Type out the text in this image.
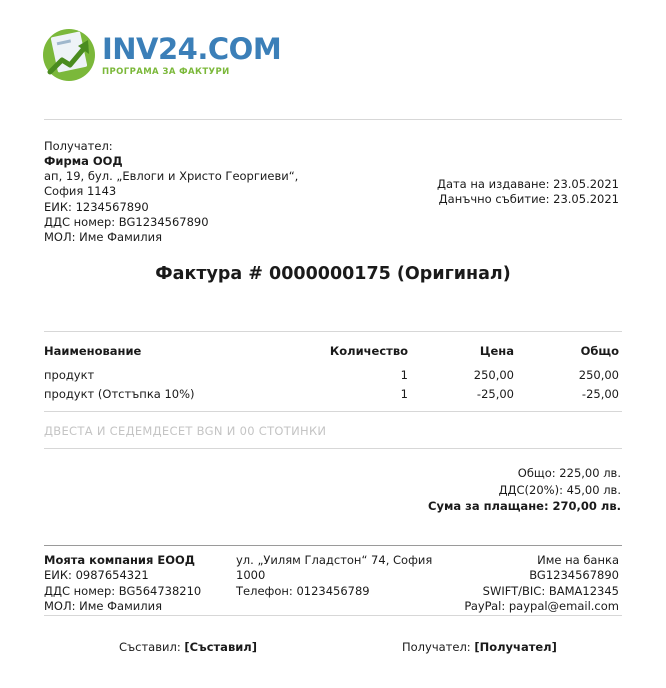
INV24.COM
ПРОГРАМА ЗА ФАКТУРИ
Получател:
Фирма ООД
ап, 19, бул. „Евлоги и Христо Георгиеви“,
София 1143
ЕИК: 1234567890
ДДС номер: BG1234567890
МОЛ: Име Фамилия
Дата на издаване: 23.05.2021
Данъчно събитие: 23.05.2021
Фактура # 0000000175 (Оригинал)
Наименование	Количество	Цена	Общо
продукт	1	250,00	250,00
продукт (Отстъпка 10%)	1	-25,00	-25,00
ДВЕСТА И СЕДЕМДЕСЕТ BGN И 00 СТОТИНКИ
Общо: 225,00 лв.
ДДС(20%): 45,00 лв.
Сума за плащане: 270,00 лв.
Моята компания ЕООД
ЕИК: 0987654321
ДДС номер: BG564738210
МОЛ: Име Фамилия
ул. „Уилям Гладстон“ 74, София
1000
Телефон: 0123456789
Име на банка
BG1234567890
SWIFT/BIC: BAMA12345
PayPal: paypal@email.com
Съставил: [Съставил]	Получател: [Получател]
